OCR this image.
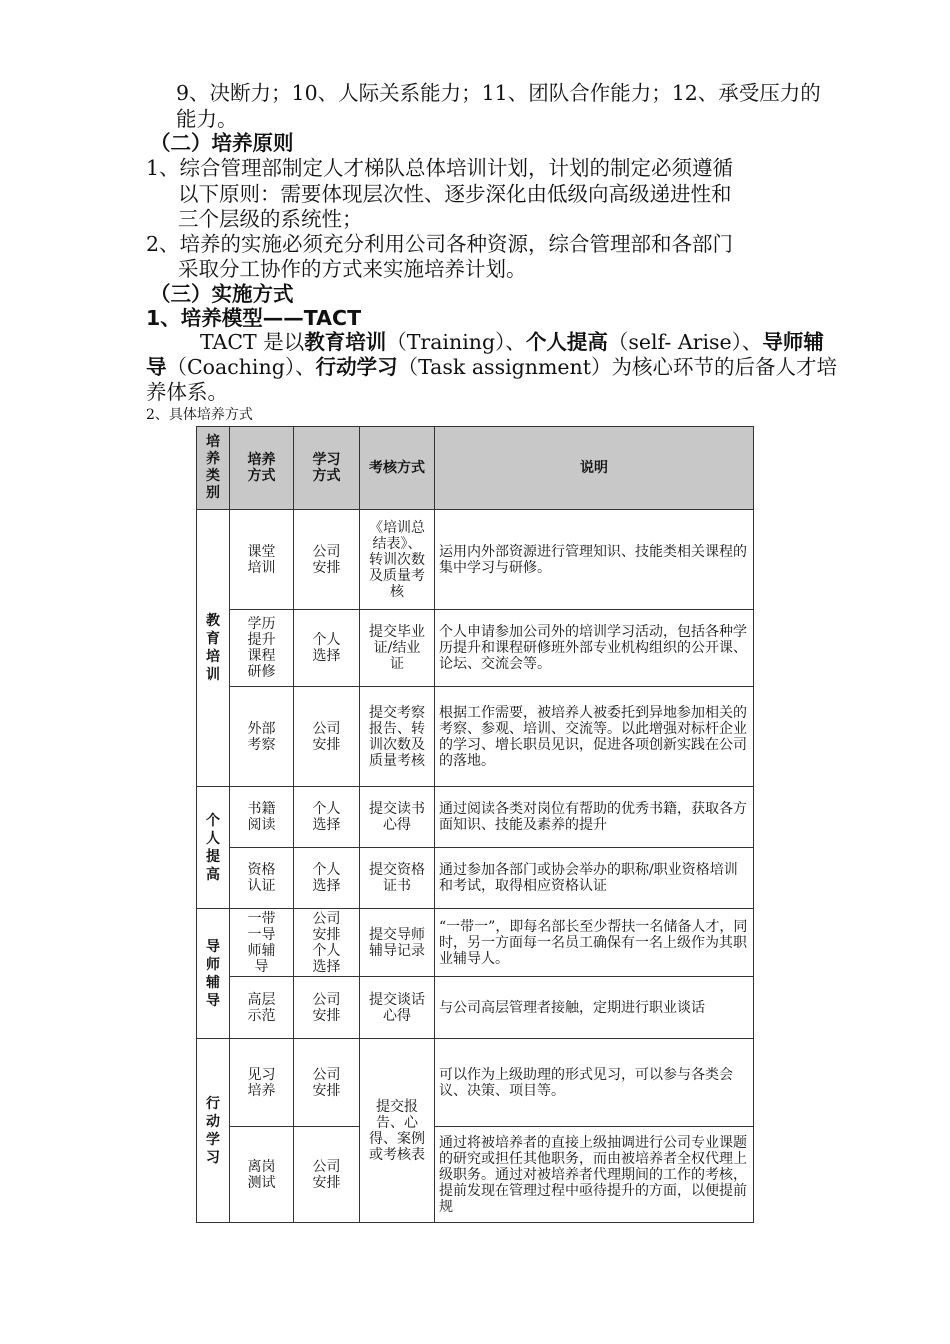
9、决断力；10、人际关系能力；11、团队合作能力；12、承受压力的
能力。
（二）培养原则
1、综合管理部制定人才梯队总体培训计划，计划的制定必须遵循
以下原则：需要体现层次性、逐步深化由低级向高级递进性和
三个层级的系统性；
2、培养的实施必须充分利用公司各种资源，综合管理部和各部门
采取分工协作的方式来实施培养计划。
（三）实施方式
1、培养模型——TACT
TACT 是以教育培训（Training）、个人提高（self- Arise）、导师辅
导（Coaching）、行动学习（Task assignment）为核心环节的后备人才培
养体系。
2、具体培养方式
培养类别	培养方式	学习方式	考核方式	说明

教育培训	课堂培训	公司安排	《培训总结表》、转训次数及质量考核	运用内外部资源进行管理知识、技能类相关课程的集中学习与研修。

	学历提升课程研修	个人选择	提交毕业证/结业证	个人申请参加公司外的培训学习活动，包括各种学历提升和课程研修班外部专业机构组织的公开课、论坛、交流会等。

	外部考察	公司安排	提交考察报告、转训次数及质量考核	根据工作需要，被培养人被委托到异地参加相关的考察、参观、培训、交流等。以此增强对标杆企业的学习、增长职员见识，促进各项创新实践在公司的落地。

个人提高	书籍阅读	个人选择	提交读书心得	通过阅读各类对岗位有帮助的优秀书籍，获取各方面知识、技能及素养的提升

	资格认证	个人选择	提交资格证书	通过参加各部门或协会举办的职称/职业资格培训和考试，取得相应资格认证

导师辅导	一带一导师辅导	公司安排个人选择	提交导师辅导记录	“一带一”，即每名部长至少帮扶一名储备人才，同时，另一方面每一名员工确保有一名上级作为其职业辅导人。

	高层示范	公司安排	提交谈话心得	与公司高层管理者接触，定期进行职业谈话

行动学习	见习培养	公司安排	提交报告、心得、案例或考核表	可以作为上级助理的形式见习，可以参与各类会议、决策、项目等。

	离岗测试	公司安排		通过将被培养者的直接上级抽调进行公司专业课题的研究或担任其他职务，而由被培养者全权代理上级职务。通过对被培养者代理期间的工作的考核，提前发现在管理过程中亟待提升的方面，以便提前规
